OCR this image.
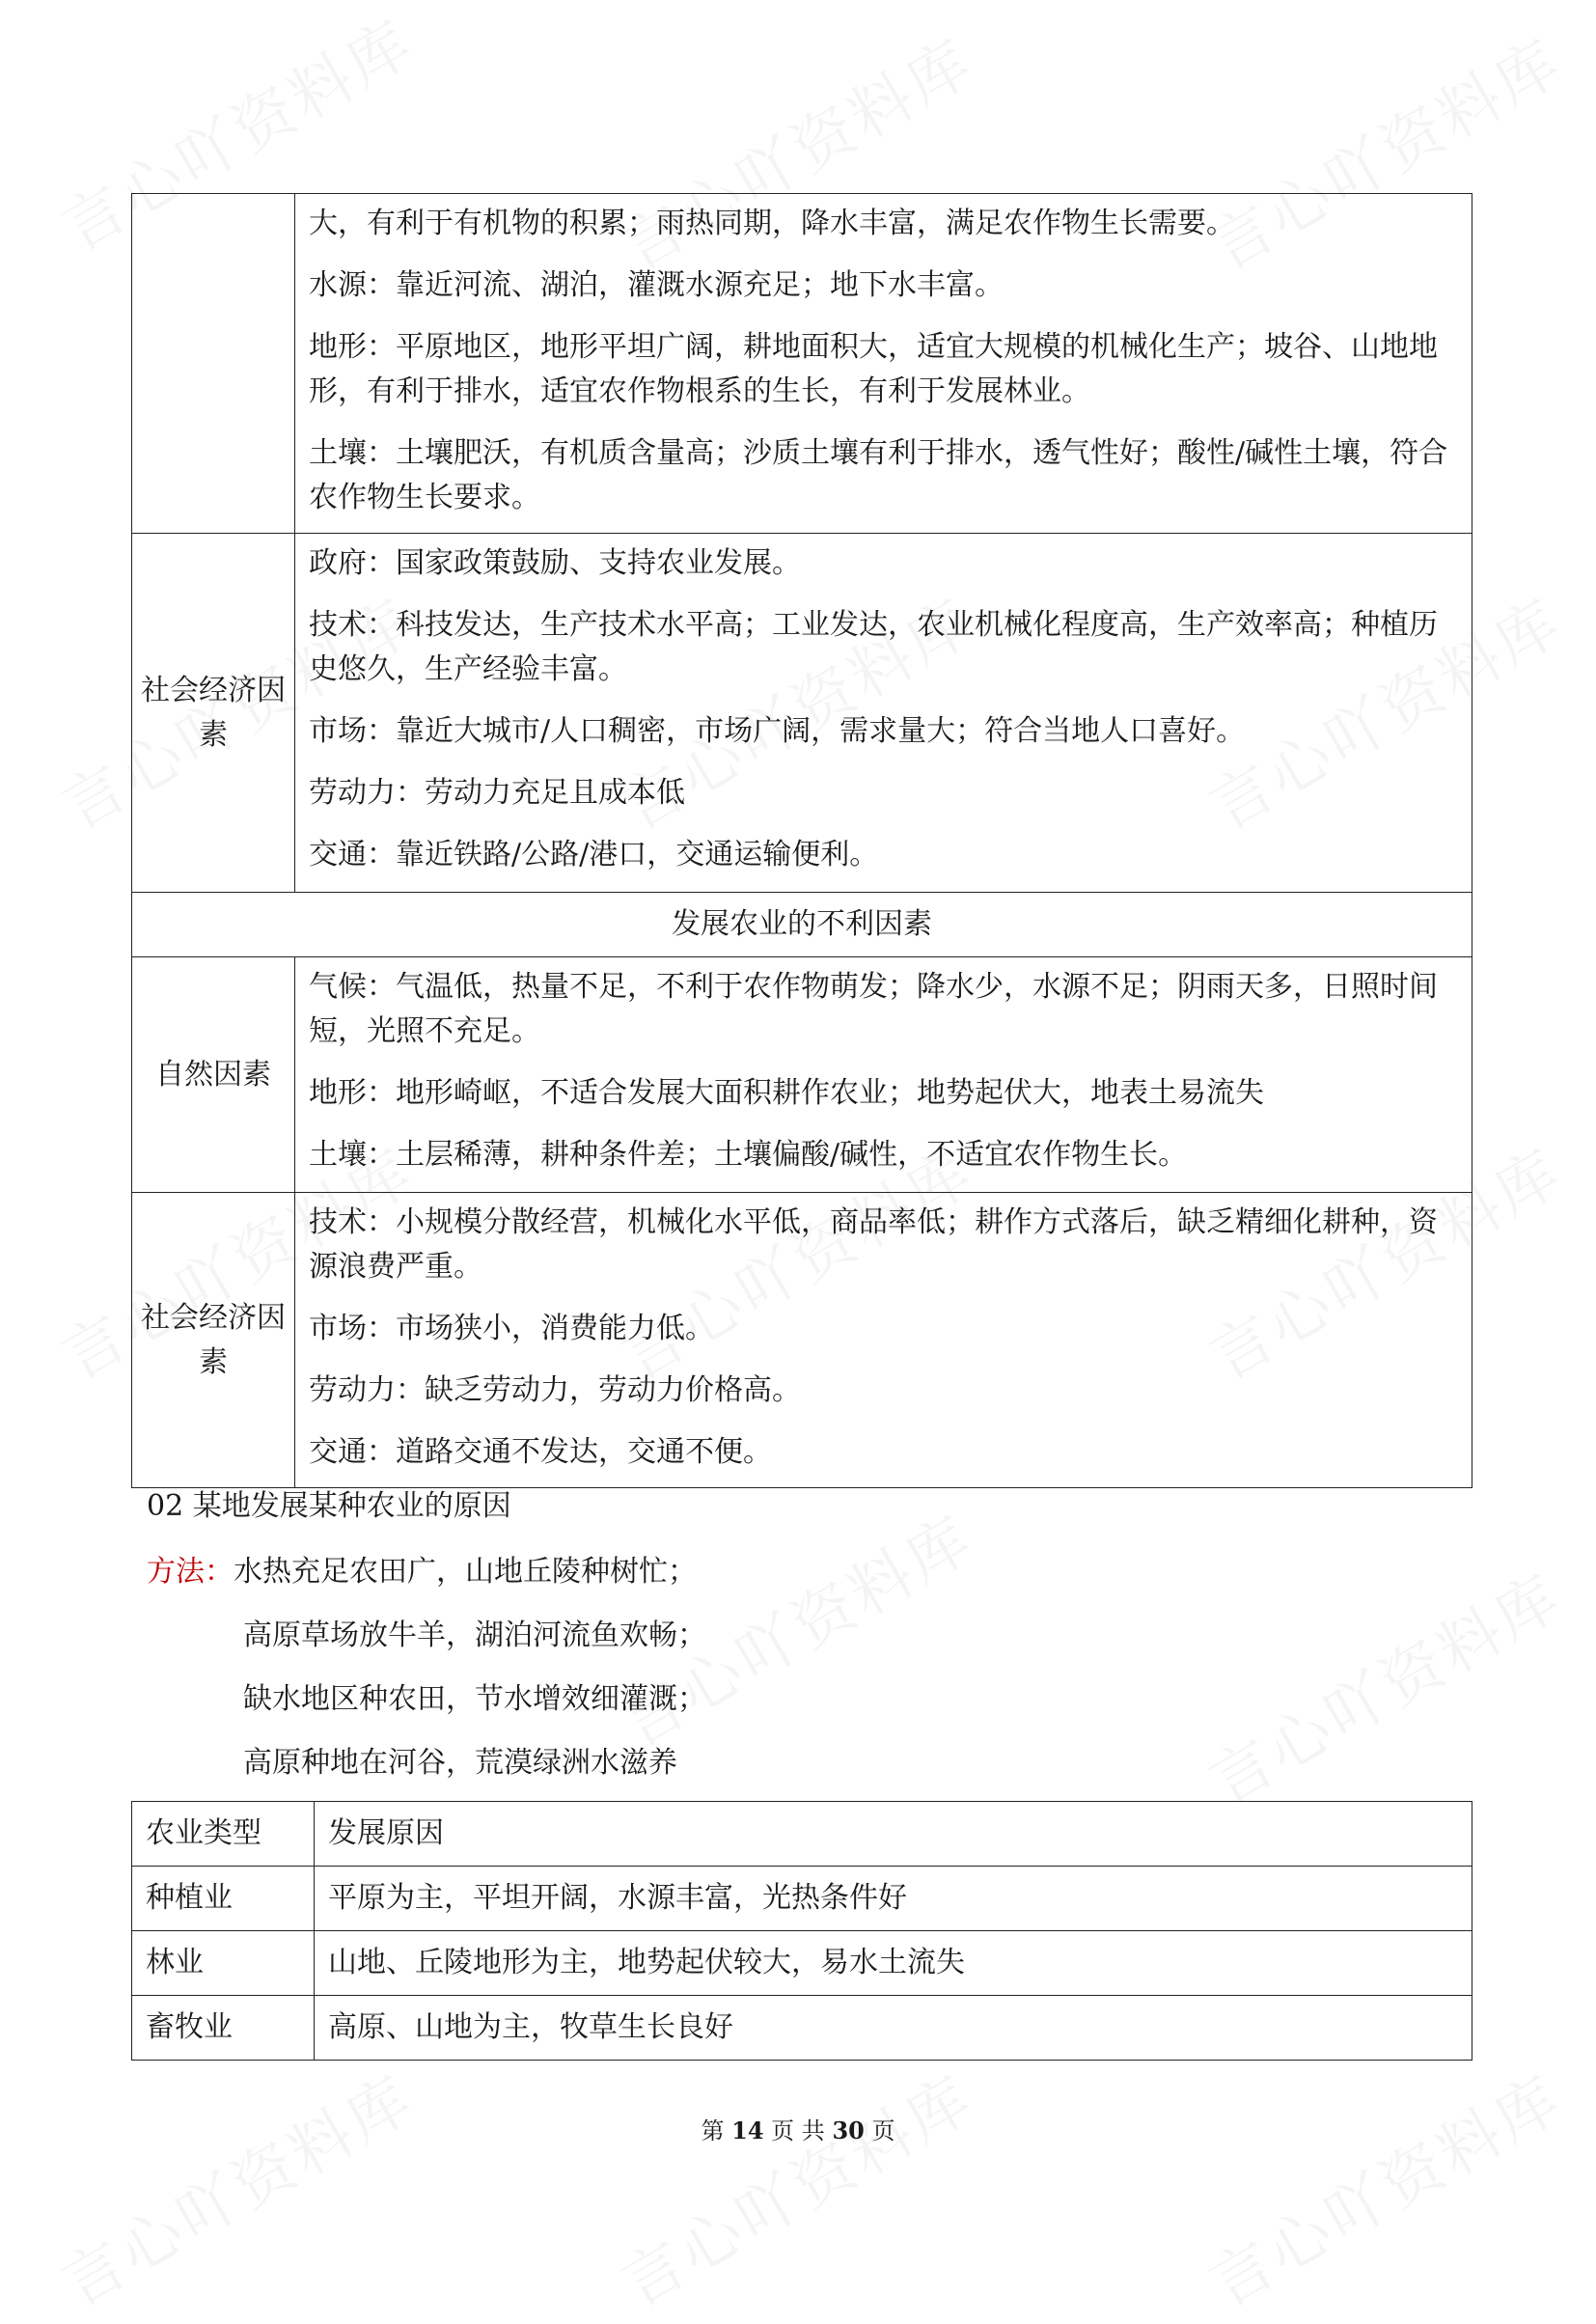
	大，有利于有机物的积累；雨热同期，降水丰富，满足农作物生长需要。

水源：靠近河流、湖泊，灌溉水源充足；地下水丰富。

地形：平原地区，地形平坦广阔，耕地面积大，适宜大规模的机械化生产；坡谷、山地地形，有利于排水，适宜农作物根系的生长，有利于发展林业。

土壤：土壤肥沃，有机质含量高；沙质土壤有利于排水，透气性好；酸性/碱性土壤，符合农作物生长要求。

社会经济因素	政府：国家政策鼓励、支持农业发展。

技术：科技发达，生产技术水平高；工业发达，农业机械化程度高，生产效率高；种植历史悠久，生产经验丰富。

市场：靠近大城市/人口稠密，市场广阔，需求量大；符合当地人口喜好。

劳动力：劳动力充足且成本低

交通：靠近铁路/公路/港口，交通运输便利。

发展农业的不利因素	
自然因素	气候：气温低，热量不足，不利于农作物萌发；降水少，水源不足；阴雨天多，日照时间短，光照不充足。

地形：地形崎岖，不适合发展大面积耕作农业；地势起伏大，地表土易流失

土壤：土层稀薄，耕种条件差；土壤偏酸/碱性，不适宜农作物生长。

社会经济因素	技术：小规模分散经营，机械化水平低，商品率低；耕作方式落后，缺乏精细化耕种，资源浪费严重。

市场：市场狭小，消费能力低。

劳动力：缺乏劳动力，劳动力价格高。

交通：道路交通不发达，交通不便。

02 某地发展某种农业的原因

方法：水热充足农田广，山地丘陵种树忙；

高原草场放牛羊，湖泊河流鱼欢畅；

缺水地区种农田，节水增效细灌溉；

高原种地在河谷，荒漠绿洲水滋养

农业类型	发展原因
种植业	平原为主，平坦开阔，水源丰富，光热条件好
林业	山地、丘陵地形为主，地势起伏较大，易水土流失
畜牧业	高原、山地为主，牧草生长良好
第 14 页 共 30 页
